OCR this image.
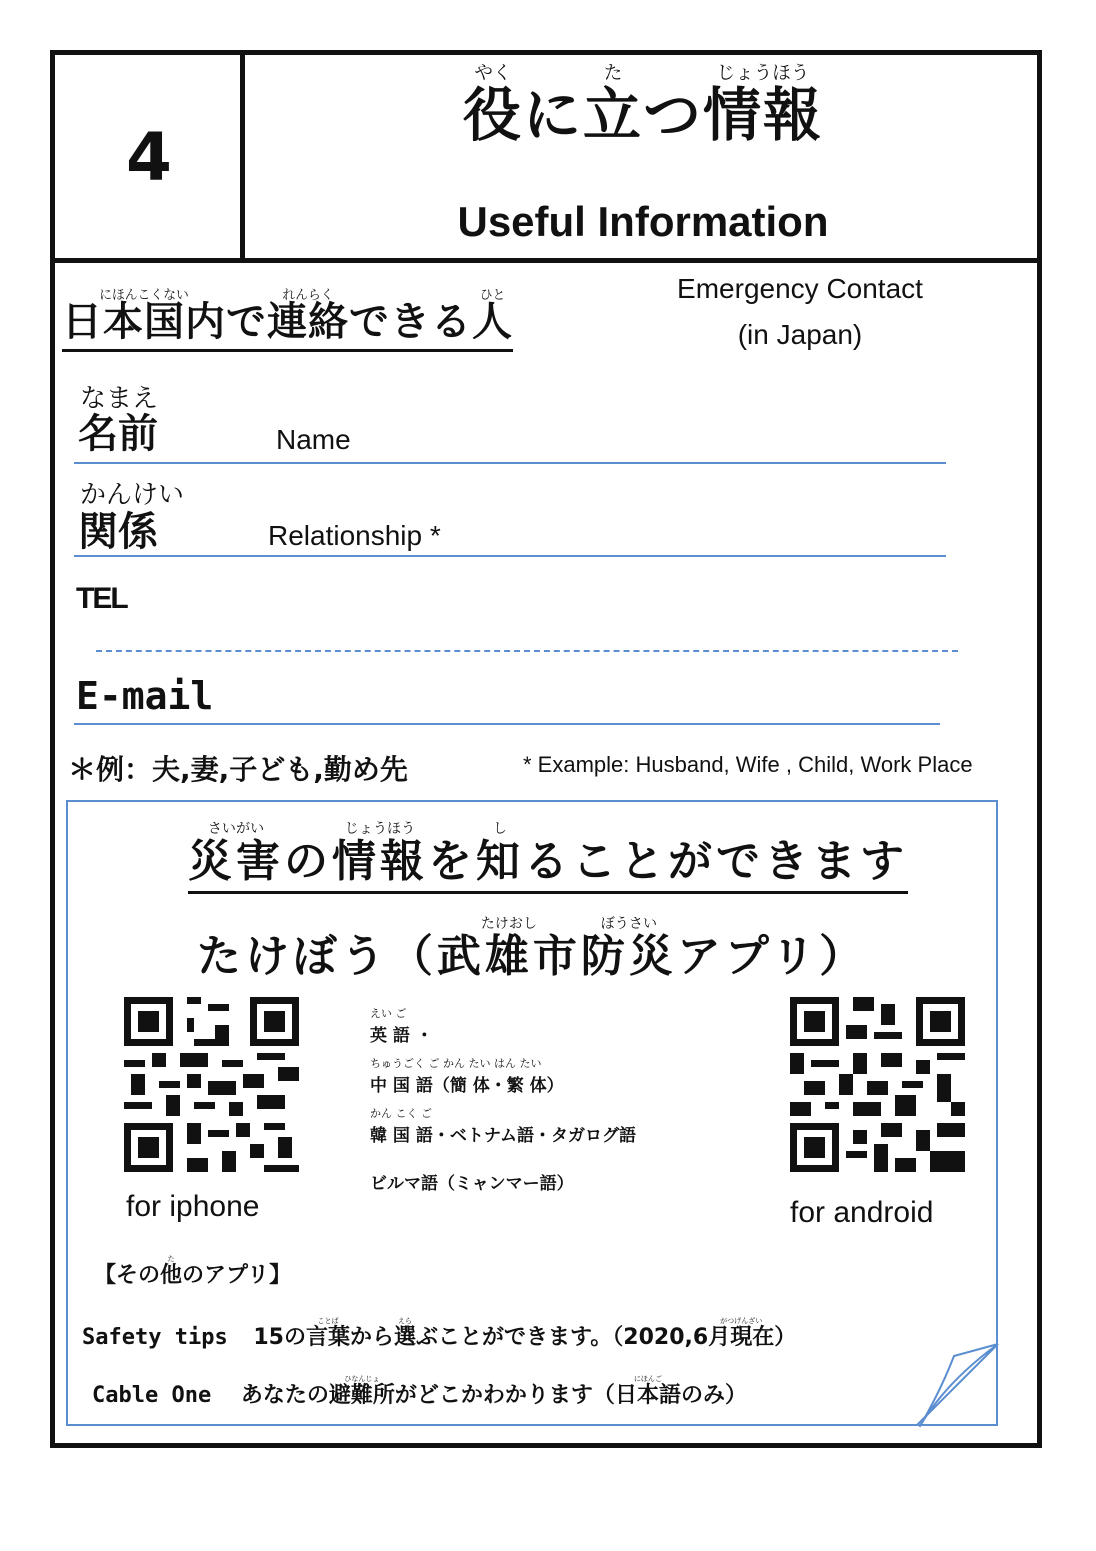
4
役
やく
に立
た
つ情報
じょうほう
Useful Information
日本国内
にほんこくない
で連絡
れんらく
できる人
ひと	Emergency Contact
(in Japan)
なまえ
名前	Name
かんけい
関係	Relationship *
TEL
E-mail
＊例：夫,妻,子ども,勤め先	* Example: Husband, Wife , Child, Work Place
災害
さいがい
の情報
じょうほう
を知
し
ることができます
たけぼう（武雄市
たけおし
防災
ぼうさい
アプリ）
for iphone
えい ご
英 語 ・
ちゅうごく ご かん たい はん たい
中 国 語（簡 体・繁 体）
かん こく ご
韓 国 語・ベトナム語・タガログ語
ビルマ語（ミャンマー語）
for android
【その他
た
のアプリ】
Safety tips 15の言葉
ことば
から選
えら
ぶことができます。（2020,6月現在
がつげんざい
）
Cable One あなたの避難所
ひなんじょ
がどこかわかります（日本語
にほんご
のみ）
